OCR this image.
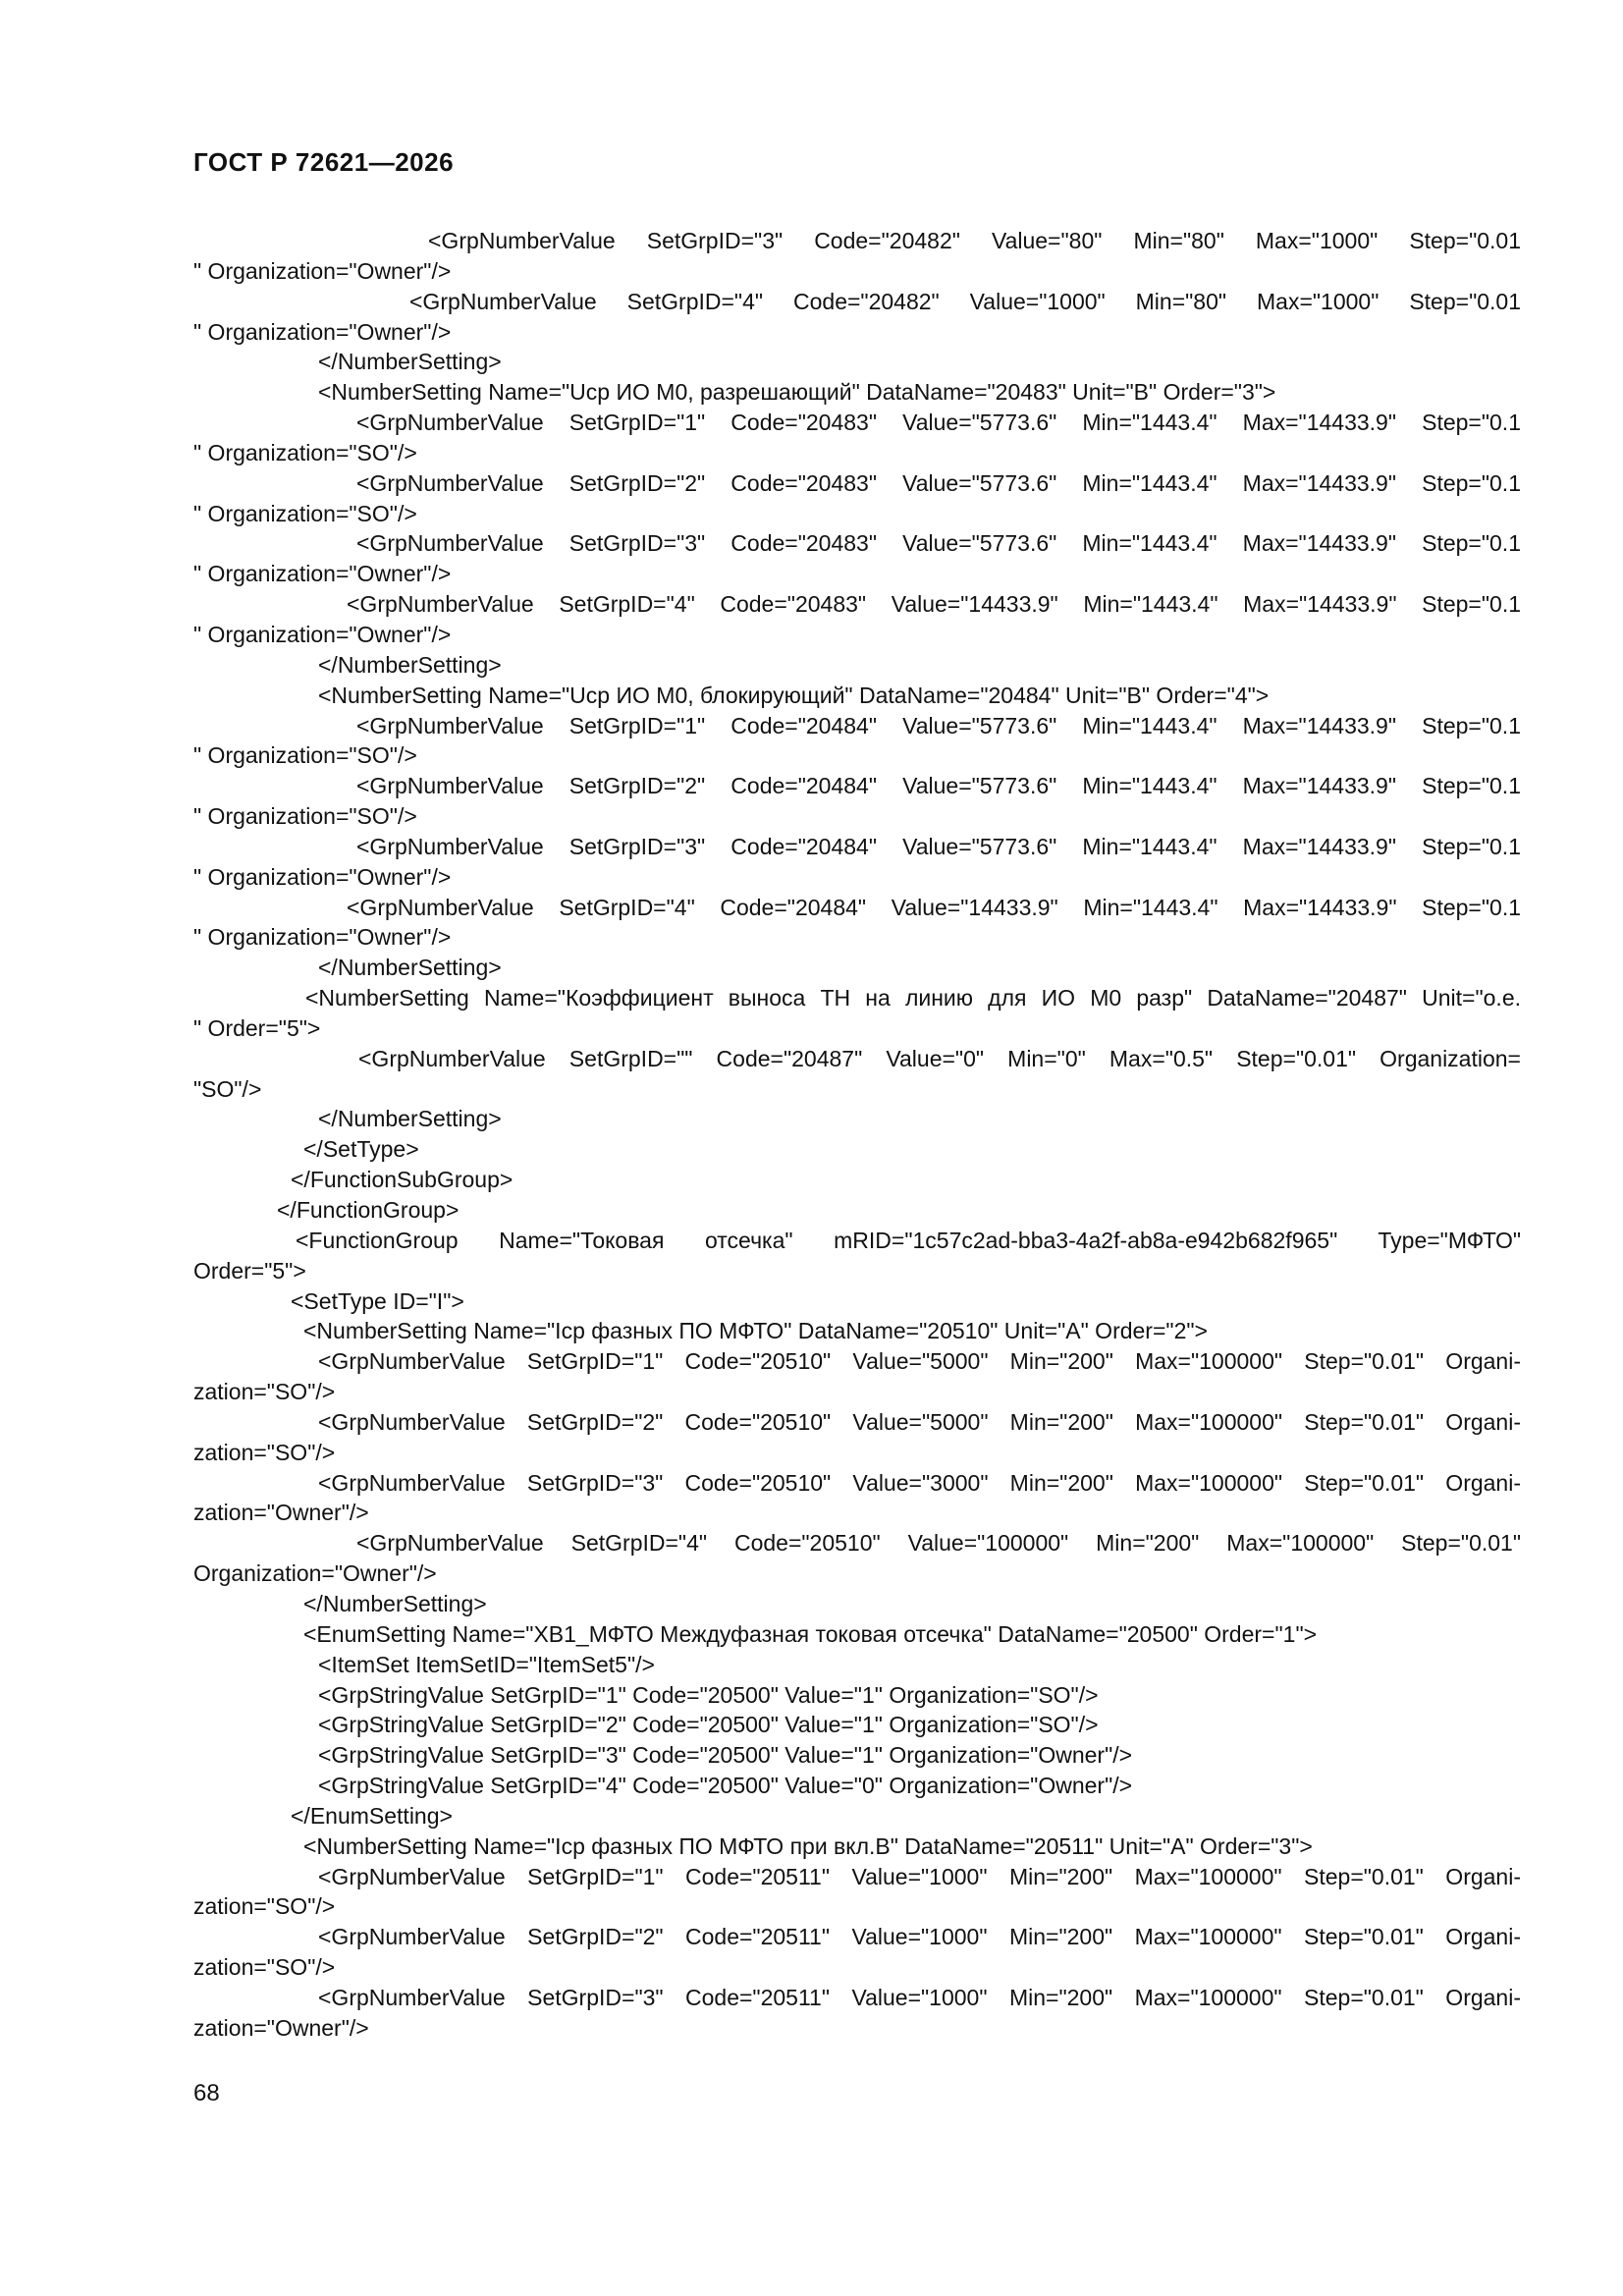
ГОСТ Р 72621—2026
<GrpNumberValue SetGrpID="3" Code="20482" Value="80" Min="80" Max="1000" Step="0.01
" Organization="Owner"/>
<GrpNumberValue SetGrpID="4" Code="20482" Value="1000" Min="80" Max="1000" Step="0.01
" Organization="Owner"/>
</NumberSetting>
<NumberSetting Name="Uср ИО М0, разрешающий" DataName="20483" Unit="В" Order="3">
<GrpNumberValue SetGrpID="1" Code="20483" Value="5773.6" Min="1443.4" Max="14433.9" Step="0.1
" Organization="SO"/>
<GrpNumberValue SetGrpID="2" Code="20483" Value="5773.6" Min="1443.4" Max="14433.9" Step="0.1
" Organization="SO"/>
<GrpNumberValue SetGrpID="3" Code="20483" Value="5773.6" Min="1443.4" Max="14433.9" Step="0.1
" Organization="Owner"/>
<GrpNumberValue SetGrpID="4" Code="20483" Value="14433.9" Min="1443.4" Max="14433.9" Step="0.1
" Organization="Owner"/>
</NumberSetting>
<NumberSetting Name="Uср ИО М0, блокирующий" DataName="20484" Unit="В" Order="4">
<GrpNumberValue SetGrpID="1" Code="20484" Value="5773.6" Min="1443.4" Max="14433.9" Step="0.1
" Organization="SO"/>
<GrpNumberValue SetGrpID="2" Code="20484" Value="5773.6" Min="1443.4" Max="14433.9" Step="0.1
" Organization="SO"/>
<GrpNumberValue SetGrpID="3" Code="20484" Value="5773.6" Min="1443.4" Max="14433.9" Step="0.1
" Organization="Owner"/>
<GrpNumberValue SetGrpID="4" Code="20484" Value="14433.9" Min="1443.4" Max="14433.9" Step="0.1
" Organization="Owner"/>
</NumberSetting>
<NumberSetting Name="Коэффициент выноса ТН на линию для ИО М0 разр" DataName="20487" Unit="о.е.
" Order="5">
<GrpNumberValue SetGrpID="" Code="20487" Value="0" Min="0" Max="0.5" Step="0.01" Organization=
"SO"/>
</NumberSetting>
</SetType>
</FunctionSubGroup>
</FunctionGroup>
<FunctionGroup Name="Токовая отсечка" mRID="1c57c2ad-bba3-4a2f-ab8a-e942b682f965" Type="МФТО"
Order="5">
<SetType ID="I">
<NumberSetting Name="Iср фазных ПО МФТО" DataName="20510" Unit="А" Order="2">
<GrpNumberValue SetGrpID="1" Code="20510" Value="5000" Min="200" Max="100000" Step="0.01" Organi-
zation="SO"/>
<GrpNumberValue SetGrpID="2" Code="20510" Value="5000" Min="200" Max="100000" Step="0.01" Organi-
zation="SO"/>
<GrpNumberValue SetGrpID="3" Code="20510" Value="3000" Min="200" Max="100000" Step="0.01" Organi-
zation="Owner"/>
<GrpNumberValue SetGrpID="4" Code="20510" Value="100000" Min="200" Max="100000" Step="0.01"
Organization="Owner"/>
</NumberSetting>
<EnumSetting Name="ХВ1_МФТО Междуфазная токовая отсечка" DataName="20500" Order="1">
<ItemSet ItemSetID="ItemSet5"/>
<GrpStringValue SetGrpID="1" Code="20500" Value="1" Organization="SO"/>
<GrpStringValue SetGrpID="2" Code="20500" Value="1" Organization="SO"/>
<GrpStringValue SetGrpID="3" Code="20500" Value="1" Organization="Owner"/>
<GrpStringValue SetGrpID="4" Code="20500" Value="0" Organization="Owner"/>
</EnumSetting>
<NumberSetting Name="Iср фазных ПО МФТО при вкл.В" DataName="20511" Unit="А" Order="3">
<GrpNumberValue SetGrpID="1" Code="20511" Value="1000" Min="200" Max="100000" Step="0.01" Organi-
zation="SO"/>
<GrpNumberValue SetGrpID="2" Code="20511" Value="1000" Min="200" Max="100000" Step="0.01" Organi-
zation="SO"/>
<GrpNumberValue SetGrpID="3" Code="20511" Value="1000" Min="200" Max="100000" Step="0.01" Organi-
zation="Owner"/>
68
